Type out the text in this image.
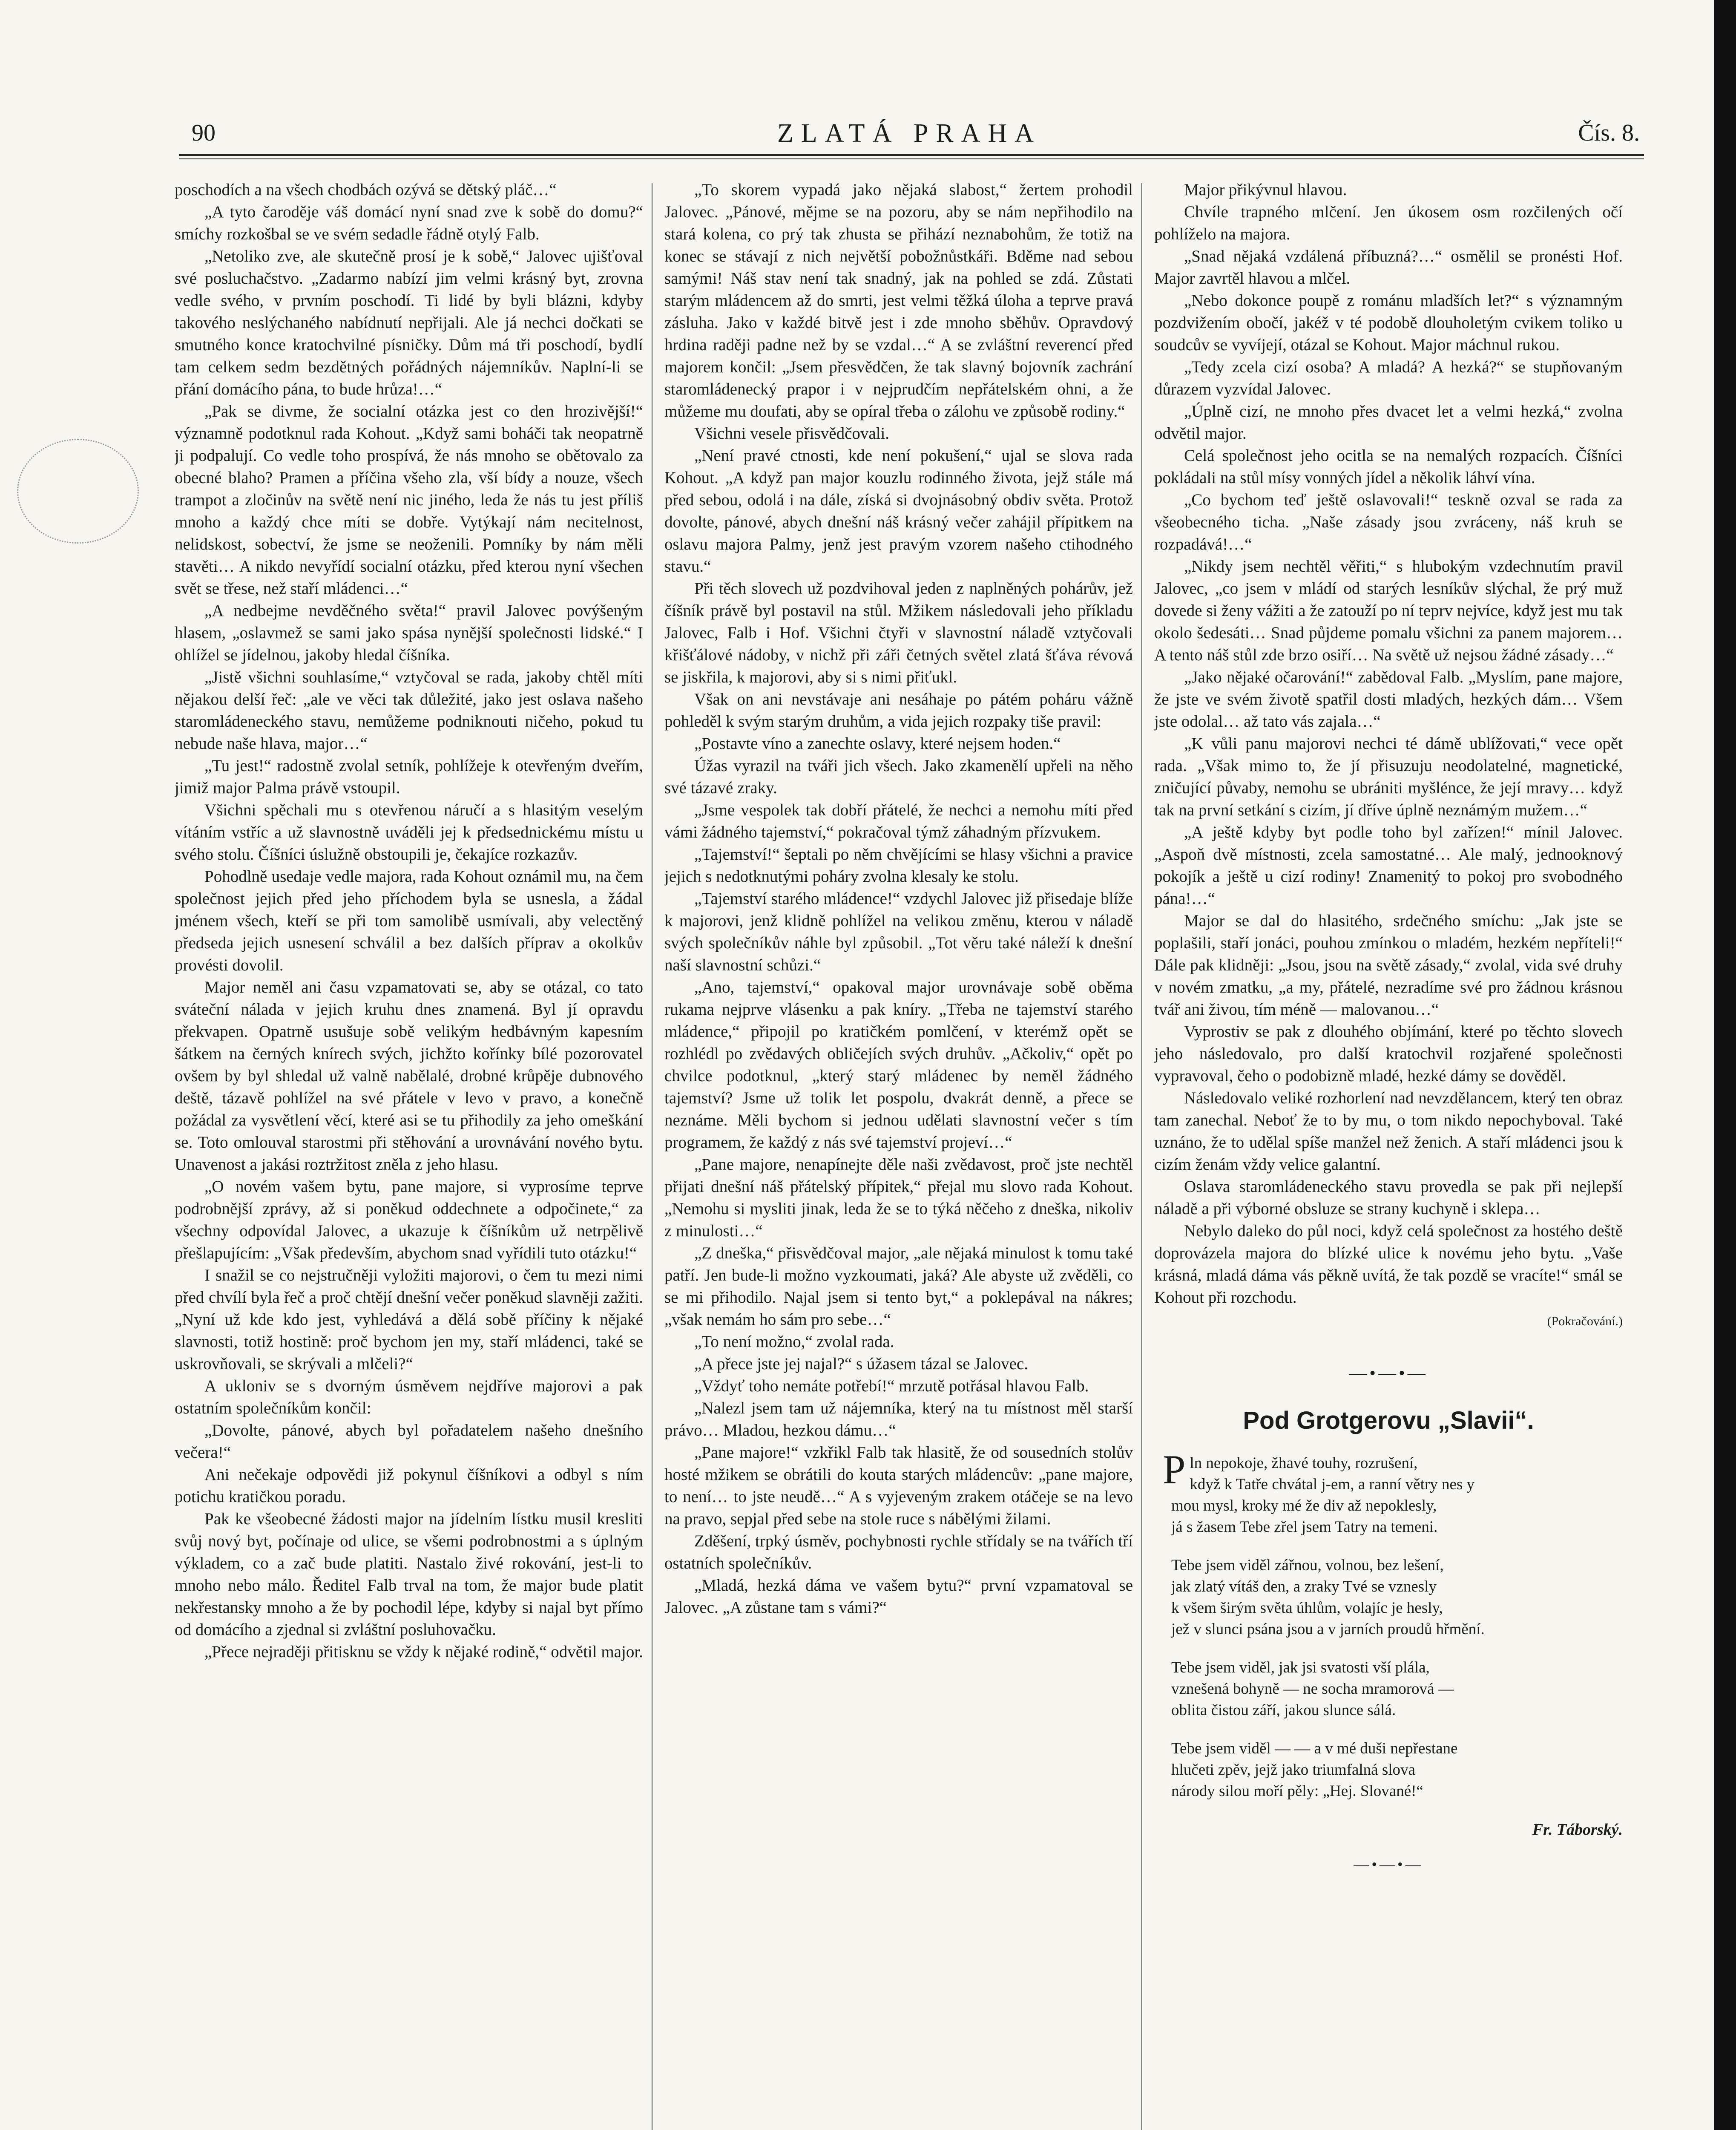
90	ZLATÁ PRAHA	Čís. 8.

poschodích a na všech chodbách ozývá se dětský pláč…“

„A tyto čaroděje váš domácí nyní snad zve k sobě do domu?“ smíchy rozkošbal se ve svém sedadle řádně otylý Falb.

„Netoliko zve, ale skutečně prosí je k sobě,“ Jalovec ujišťoval své posluchačstvo. „Zadarmo nabízí jim velmi krásný byt, zrovna vedle svého, v prvním poschodí. Ti lidé by byli blázni, kdyby takového neslýchaného nabídnutí nepřijali. Ale já nechci dočkati se smutného konce kratochvilné písničky. Dům má tři poschodí, bydlí tam celkem sedm bezdětných pořádných nájemníkův. Naplní-li se přání domácího pána, to bude hrůza!…“

„Pak se divme, že socialní otázka jest co den hrozivější!“ významně podotknul rada Kohout. „Když sami boháči tak neopatrně ji podpalují. Co vedle toho prospívá, že nás mnoho se obětovalo za obecné blaho? Pramen a příčina všeho zla, vší bídy a nouze, všech trampot a zločinův na světě není nic jiného, leda že nás tu jest příliš mnoho a každý chce míti se dobře. Vytýkají nám necitelnost, nelidskost, sobectví, že jsme se neoženili. Pomníky by nám měli stavěti… A nikdo nevyřídí socialní otázku, před kterou nyní všechen svět se třese, než staří mládenci…“

„A nedbejme nevděčného světa!“ pravil Jalovec povýšeným hlasem, „oslavmež se sami jako spása nynější společnosti lidské.“ I ohlížel se jídelnou, jakoby hledal číšníka.

„Jistě všichni souhlasíme,“ vztyčoval se rada, jakoby chtěl míti nějakou delší řeč: „ale ve věci tak důležité, jako jest oslava našeho staromládeneckého stavu, nemůžeme podniknouti ničeho, pokud tu nebude naše hlava, major…“

„Tu jest!“ radostně zvolal setník, pohlížeje k otevřeným dveřím, jimiž major Palma právě vstoupil.

Všichni spěchali mu s otevřenou náručí a s hlasitým veselým vítáním vstříc a už slavnostně uváděli jej k předsednickému místu u svého stolu. Číšníci úslužně obstoupili je, čekajíce rozkazův.

Pohodlně usedaje vedle majora, rada Kohout oznámil mu, na čem společnost jejich před jeho příchodem byla se usnesla, a žádal jménem všech, kteří se při tom samolibě usmívali, aby velectěný předseda jejich usnesení schválil a bez dalších příprav a okolkův provésti dovolil.

Major neměl ani času vzpamatovati se, aby se otázal, co tato sváteční nálada v jejich kruhu dnes znamená. Byl jí opravdu překvapen. Opatrně usušuje sobě velikým hedbávným kapesním šátkem na černých knírech svých, jichžto kořínky bílé pozorovatel ovšem by byl shledal už valně nabělalé, drobné krůpěje dubnového deště, tázavě pohlížel na své přátele v levo v pravo, a konečně požádal za vysvětlení věcí, které asi se tu přihodily za jeho omeškání se. Toto omlouval starostmi při stěhování a urovnávání nového bytu. Unavenost a jakási roztržitost zněla z jeho hlasu.

„O novém vašem bytu, pane majore, si vyprosíme teprve podrobnější zprávy, až si poněkud oddechnete a odpočinete,“ za všechny odpovídal Jalovec, a ukazuje k číšníkům už netrpělivě přešlapujícím: „Však především, abychom snad vyřídili tuto otázku!“

I snažil se co nejstručněji vyložiti majorovi, o čem tu mezi nimi před chvílí byla řeč a proč chtějí dnešní večer poněkud slavněji zažiti. „Nyní už kde kdo jest, vyhledává a dělá sobě příčiny k nějaké slavnosti, totiž hostině: proč bychom jen my, staří mládenci, také se uskrovňovali, se skrývali a mlčeli?“

A ukloniv se s dvorným úsměvem nejdříve majorovi a pak ostatním společníkům končil:

„Dovolte, pánové, abych byl pořadatelem našeho dnešního večera!“

Ani nečekaje odpovědi již pokynul číšníkovi a odbyl s ním potichu kratičkou poradu.

Pak ke všeobecné žádosti major na jídelním lístku musil kresliti svůj nový byt, počínaje od ulice, se všemi podrobnostmi a s úplným výkladem, co a zač bude platiti. Nastalo živé rokování, jest-li to mnoho nebo málo. Ředitel Falb trval na tom, že major bude platit nekřestansky mnoho a že by pochodil lépe, kdyby si najal byt přímo od domácího a zjednal si zvláštní posluhovačku.

„Přece nejraději přitisknu se vždy k nějaké rodině,“ odvětil major.

„To skorem vypadá jako nějaká slabost,“ žertem prohodil Jalovec. „Pánové, mějme se na pozoru, aby se nám nepřihodilo na stará kolena, co prý tak zhusta se přihází neznabohům, že totiž na konec se stávají z nich největší pobožnůstkáři. Bděme nad sebou samými! Náš stav není tak snadný, jak na pohled se zdá. Zůstati starým mládencem až do smrti, jest velmi těžká úloha a teprve pravá zásluha. Jako v každé bitvě jest i zde mnoho sběhův. Opravdový hrdina raději padne než by se vzdal…“ A se zvláštní reverencí před majorem končil: „Jsem přesvědčen, že tak slavný bojovník zachrání staromládenecký prapor i v nejprudčím nepřátelském ohni, a že můžeme mu doufati, aby se opíral třeba o zálohu ve způsobě rodiny.“

Všichni vesele přisvědčovali.

„Není pravé ctnosti, kde není pokušení,“ ujal se slova rada Kohout. „A když pan major kouzlu rodinného života, jejž stále má před sebou, odolá i na dále, získá si dvojnásobný obdiv světa. Protož dovolte, pánové, abych dnešní náš krásný večer zahájil přípitkem na oslavu majora Palmy, jenž jest pravým vzorem našeho ctihodného stavu.“

Při těch slovech už pozdvihoval jeden z naplněných pohárův, jež číšník právě byl postavil na stůl. Mžikem následovali jeho příkladu Jalovec, Falb i Hof. Všichni čtyři v slavnostní náladě vztyčovali křišťálové nádoby, v nichž při záři četných světel zlatá šťáva révová se jiskřila, k majorovi, aby si s nimi přiťukl.

Však on ani nevstávaje ani nesáhaje po pátém poháru vážně pohleděl k svým starým druhům, a vida jejich rozpaky tiše pravil:

„Postavte víno a zanechte oslavy, které nejsem hoden.“

Úžas vyrazil na tváři jich všech. Jako zkamenělí upřeli na něho své tázavé zraky.

„Jsme vespolek tak dobří přátelé, že nechci a nemohu míti před vámi žádného tajemství,“ pokračoval týmž záhadným přízvukem.

„Tajemství!“ šeptali po něm chvějícími se hlasy všichni a pravice jejich s nedotknutými poháry zvolna klesaly ke stolu.

„Tajemství starého mládence!“ vzdychl Jalovec již přisedaje blíže k majorovi, jenž klidně pohlížel na velikou změnu, kterou v náladě svých společníkův náhle byl způsobil. „Tot věru také náleží k dnešní naší slavnostní schůzi.“

„Ano, tajemství,“ opakoval major urovnávaje sobě oběma rukama nejprve vlásenku a pak kníry. „Třeba ne tajemství starého mládence,“ připojil po kratičkém pomlčení, v kterémž opět se rozhlédl po zvědavých obličejích svých druhův. „Ačkoliv,“ opět po chvilce podotknul, „který starý mládenec by neměl žádného tajemství? Jsme už tolik let pospolu, dvakrát denně, a přece se neznáme. Měli bychom si jednou udělati slavnostní večer s tím programem, že každý z nás své tajemství projeví…“

„Pane majore, nenapínejte děle naši zvědavost, proč jste nechtěl přijati dnešní náš přátelský přípitek,“ přejal mu slovo rada Kohout. „Nemohu si mysliti jinak, leda že se to týká něčeho z dneška, nikoliv z minulosti…“

„Z dneška,“ přisvědčoval major, „ale nějaká minulost k tomu také patří. Jen bude-li možno vyzkoumati, jaká? Ale abyste už zvěděli, co se mi přihodilo. Najal jsem si tento byt,“ a poklepával na nákres; „však nemám ho sám pro sebe…“

„To není možno,“ zvolal rada.

„A přece jste jej najal?“ s úžasem tázal se Jalovec.

„Vždyť toho nemáte potřebí!“ mrzutě potřásal hlavou Falb.

„Nalezl jsem tam už nájemníka, který na tu místnost měl starší právo… Mladou, hezkou dámu…“

„Pane majore!“ vzkřikl Falb tak hlasitě, že od sousedních stolův hosté mžikem se obrátili do kouta starých mládencův: „pane majore, to není… to jste neudě…“ A s vyjeveným zrakem otáčeje se na levo na pravo, sepjal před sebe na stole ruce s nábělými žilami.

Zděšení, trpký úsměv, pochybnosti rychle střídaly se na tvářích tří ostatních společníkův.

„Mladá, hezká dáma ve vašem bytu?“ první vzpamatoval se Jalovec. „A zůstane tam s vámi?“

Major přikývnul hlavou.

Chvíle trapného mlčení. Jen úkosem osm rozčilených očí pohlíželo na majora.

„Snad nějaká vzdálená příbuzná?…“ osmělil se pronésti Hof. Major zavrtěl hlavou a mlčel.

„Nebo dokonce poupě z románu mladších let?“ s významným pozdvižením obočí, jakéž v té podobě dlouholetým cvikem toliko u soudcův se vyvíjejí, otázal se Kohout. Major máchnul rukou.

„Tedy zcela cizí osoba? A mladá? A hezká?“ se stupňovaným důrazem vyzvídal Jalovec.

„Úplně cizí, ne mnoho přes dvacet let a velmi hezká,“ zvolna odvětil major.

Celá společnost jeho ocitla se na nemalých rozpacích. Číšníci pokládali na stůl mísy vonných jídel a několik láhví vína.

„Co bychom teď ještě oslavovali!“ teskně ozval se rada za všeobecného ticha. „Naše zásady jsou zvráceny, náš kruh se rozpadává!…“

„Nikdy jsem nechtěl věřiti,“ s hlubokým vzdechnutím pravil Jalovec, „co jsem v mládí od starých lesníkův slýchal, že prý muž dovede si ženy vážiti a že zatouží po ní teprv nejvíce, když jest mu tak okolo šedesáti… Snad půjdeme pomalu všichni za panem majorem… A tento náš stůl zde brzo osiří… Na světě už nejsou žádné zásady…“

„Jako nějaké očarování!“ zabědoval Falb. „Myslím, pane majore, že jste ve svém životě spatřil dosti mladých, hezkých dám… Všem jste odolal… až tato vás zajala…“

„K vůli panu majorovi nechci té dámě ublížovati,“ vece opět rada. „Však mimo to, že jí přisuzuju neodolatelné, magnetické, zničující půvaby, nemohu se ubrániti myšlénce, že její mravy… když tak na první setkání s cizím, jí dříve úplně neznámým mužem…“

„A ještě kdyby byt podle toho byl zařízen!“ mínil Jalovec. „Aspoň dvě místnosti, zcela samostatné… Ale malý, jednooknový pokojík a ještě u cizí rodiny! Znamenitý to pokoj pro svobodného pána!…“

Major se dal do hlasitého, srdečného smíchu: „Jak jste se poplašili, staří jonáci, pouhou zmínkou o mladém, hezkém nepříteli!“ Dále pak klidněji: „Jsou, jsou na světě zásady,“ zvolal, vida své druhy v novém zmatku, „a my, přátelé, nezradíme své pro žádnou krásnou tvář ani živou, tím méně — malovanou…“

Vyprostiv se pak z dlouhého objímání, které po těchto slovech jeho následovalo, pro další kratochvil rozjařené společnosti vypravoval, čeho o podobizně mladé, hezké dámy se dověděl.

Následovalo veliké rozhorlení nad nevzdělancem, který ten obraz tam zanechal. Neboť že to by mu, o tom nikdo nepochyboval. Také uznáno, že to udělal spíše manžel než ženich. A staří mládenci jsou k cizím ženám vždy velice galantní.

Oslava staromládeneckého stavu provedla se pak při nejlepší náladě a při výborné obsluze se strany kuchyně i sklepa…

Nebylo daleko do půl noci, když celá společnost za hostého deště doprovázela majora do blízké ulice k novému jeho bytu. „Vaše krásná, mladá dáma vás pěkně uvítá, že tak pozdě se vracíte!“ smál se Kohout při rozchodu.

(Pokračování.)
—•—•—
Pod Grotgerovu „Slavii“.
P ln nepokoje, žhavé touhy, rozrušení,
když k Tatře chvátal j-em, a ranní větry nes y
mou mysl, kroky mé že div až nepoklesly,
já s žasem Tebe zřel jsem Tatry na temeni.
Tebe jsem viděl zářnou, volnou, bez lešení,
jak zlatý vítáš den, a zraky Tvé se vznesly
k všem širým světa úhlům, volajíc je hesly,
jež v slunci psána jsou a v jarních proudů hřmění.
Tebe jsem viděl, jak jsi svatosti vší plála,
vznešená bohyně — ne socha mramorová —
oblita čistou září, jakou slunce sálá.
Tebe jsem viděl — — a v mé duši nepřestane
hlučeti zpěv, jejž jako triumfalná slova
národy silou moří pěly: „Hej. Slované!“
Fr. Táborský.
—•—•—
